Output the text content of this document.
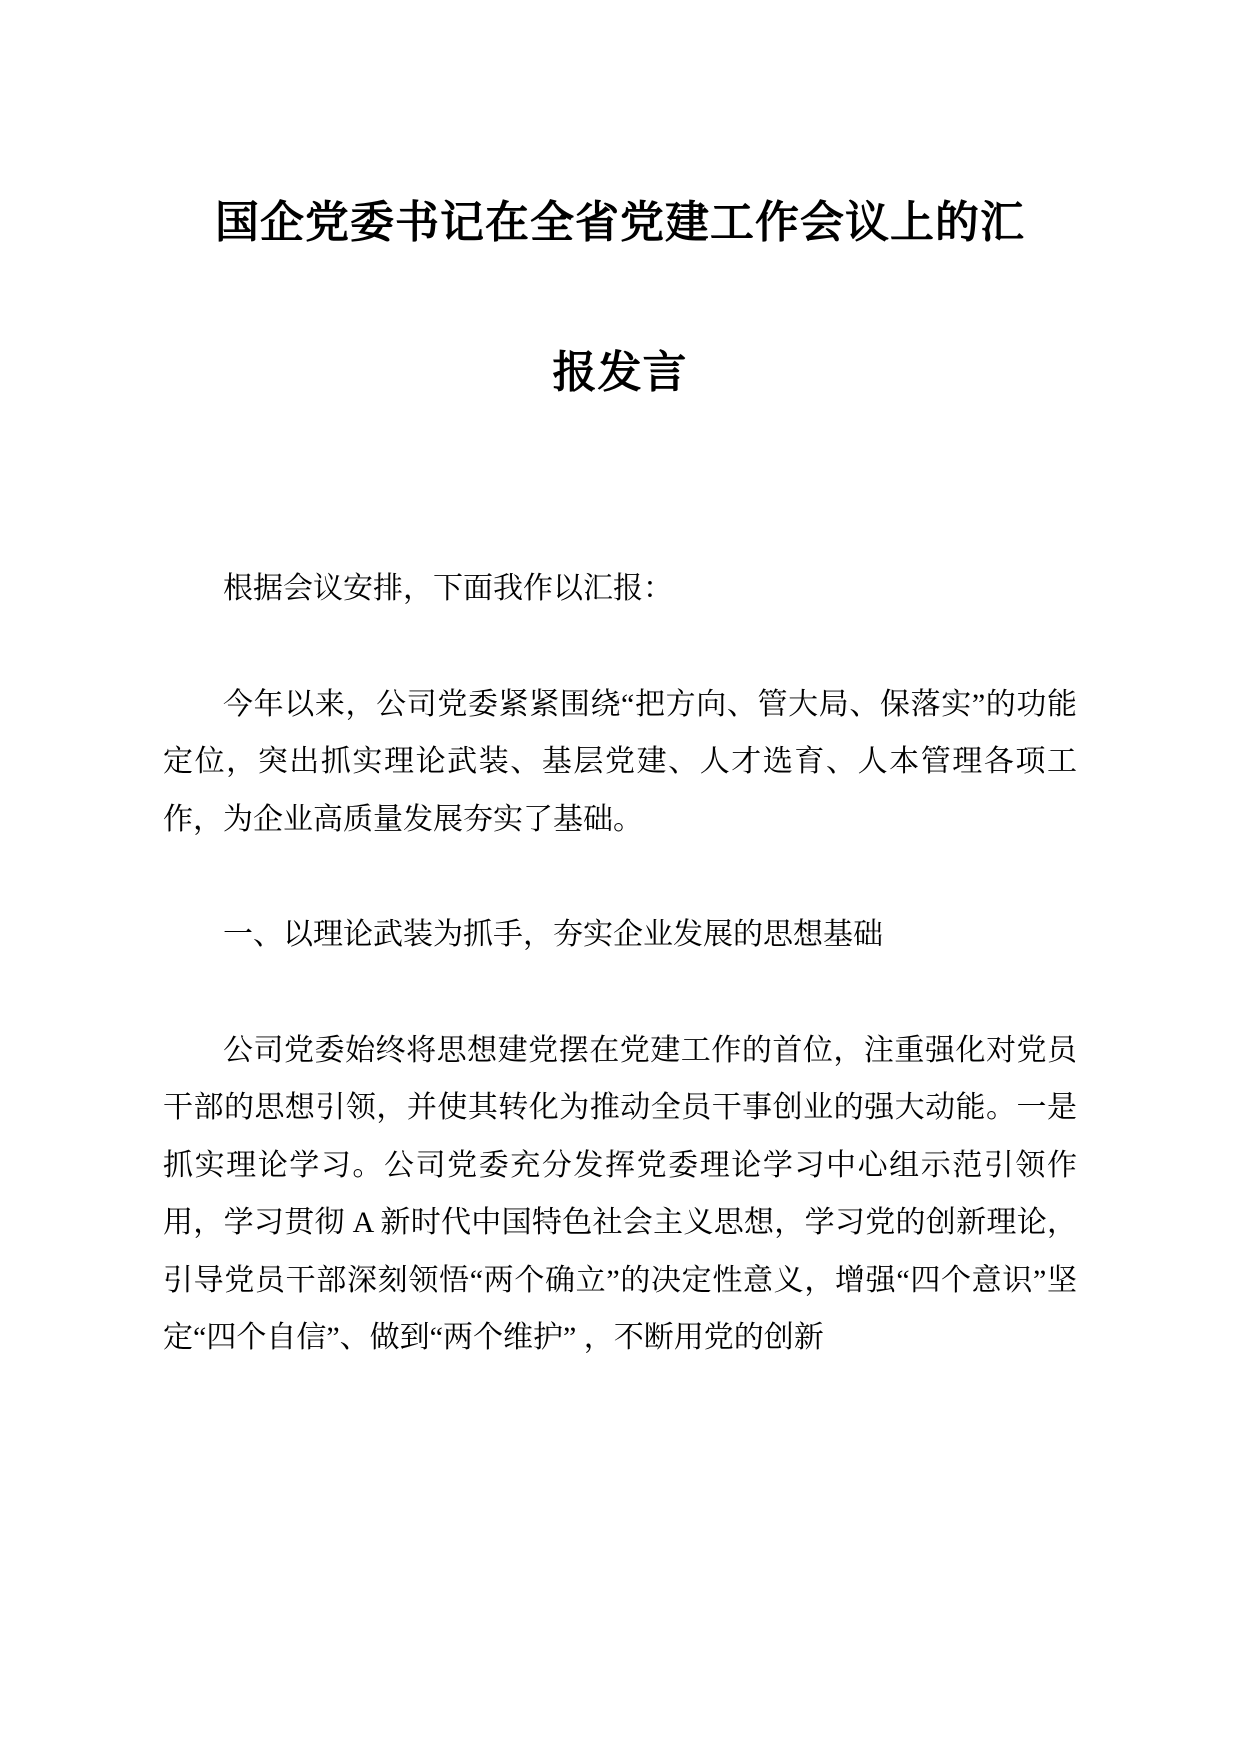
国企党委书记在全省党建工作会议上的汇
报发言

根据会议安排，下面我作以汇报：

今年以来，公司党委紧紧围绕“把方向、管大局、保落实”的功能定位，突出抓实理论武装、基层党建、人才选育、人本管理各项工作，为企业高质量发展夯实了基础。

一、以理论武装为抓手，夯实企业发展的思想基础

公司党委始终将思想建党摆在党建工作的首位，注重强化对党员干部的思想引领，并使其转化为推动全员干事创业的强大动能。一是抓实理论学习。公司党委充分发挥党委理论学习中心组示范引领作用，学习贯彻 A 新时代中国特色社会主义思想，学习党的创新理论，引导党员干部深刻领悟“两个确立”的决定性意义，增强“四个意识”坚定“四个自信”、做到“两个维护” ，不断用党的创新
